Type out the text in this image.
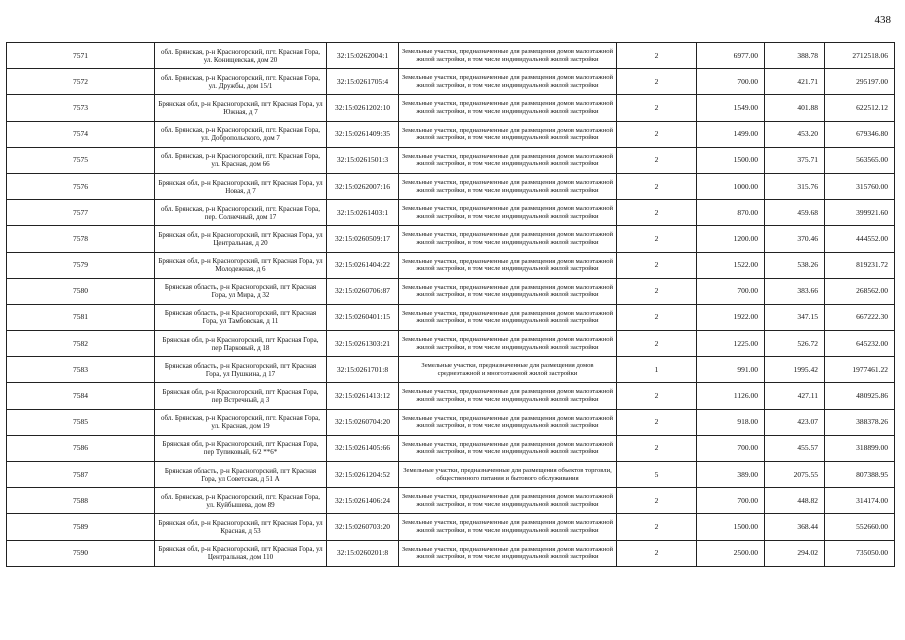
438
7571	обл. Брянская, р-н Красногорский, пгт. Красная Гора, ул. Конищевская, дом 20	32:15:0262004:1	Земельные участки, предназначенные для размещения домов малоэтажной жилой застройки, в том числе индивидуальной жилой застройки	2	6977.00	388.78	2712518.06
7572	обл. Брянская, р-н Красногорский, пгт. Красная Гора, ул. Дружбы, дом 15/1	32:15:0261705:4	Земельные участки, предназначенные для размещения домов малоэтажной жилой застройки, в том числе индивидуальной жилой застройки	2	700.00	421.71	295197.00
7573	Брянская обл, р-н Красногорский, пгт Красная Гора, ул Южная, д 7	32:15:0261202:10	Земельные участки, предназначенные для размещения домов малоэтажной жилой застройки, в том числе индивидуальной жилой застройки	2	1549.00	401.88	622512.12
7574	обл. Брянская, р-н Красногорский, пгт. Красная Гора, ул. Добропольского, дом 7	32:15:0261409:35	Земельные участки, предназначенные для размещения домов малоэтажной жилой застройки, в том числе индивидуальной жилой застройки	2	1499.00	453.20	679346.80
7575	обл. Брянская, р-н Красногорский, пгт. Красная Гора, ул. Красная, дом 66	32:15:0261501:3	Земельные участки, предназначенные для размещения домов малоэтажной жилой застройки, в том числе индивидуальной жилой застройки	2	1500.00	375.71	563565.00
7576	Брянская обл, р-н Красногорский, пгт Красная Гора, ул Новая, д 7	32:15:0262007:16	Земельные участки, предназначенные для размещения домов малоэтажной жилой застройки, в том числе индивидуальной жилой застройки	2	1000.00	315.76	315760.00
7577	обл. Брянская, р-н Красногорский, пгт. Красная Гора, пер. Солнечный, дом 17	32:15:0261403:1	Земельные участки, предназначенные для размещения домов малоэтажной жилой застройки, в том числе индивидуальной жилой застройки	2	870.00	459.68	399921.60
7578	Брянская обл, р-н Красногорский, пгт Красная Гора, ул Центральная, д 20	32:15:0260509:17	Земельные участки, предназначенные для размещения домов малоэтажной жилой застройки, в том числе индивидуальной жилой застройки	2	1200.00	370.46	444552.00
7579	Брянская обл, р-н Красногорский, пгт Красная Гора, ул Молодежная, д 6	32:15:0261404:22	Земельные участки, предназначенные для размещения домов малоэтажной жилой застройки, в том числе индивидуальной жилой застройки	2	1522.00	538.26	819231.72
7580	Брянская область, р-н Красногорский, пгт Красная Гора, ул Мира, д 32	32:15:0260706:87	Земельные участки, предназначенные для размещения домов малоэтажной жилой застройки, в том числе индивидуальной жилой застройки	2	700.00	383.66	268562.00
7581	Брянская область, р-н Красногорский, пгт Красная Гора, ул Тамбовская, д 11	32:15:0260401:15	Земельные участки, предназначенные для размещения домов малоэтажной жилой застройки, в том числе индивидуальной жилой застройки	2	1922.00	347.15	667222.30
7582	Брянская обл, р-н Красногорский, пгт Красная Гора, пер Парковый, д 18	32:15:0261303:21	Земельные участки, предназначенные для размещения домов малоэтажной жилой застройки, в том числе индивидуальной жилой застройки	2	1225.00	526.72	645232.00
7583	Брянская область, р-н Красногорский, пгт Красная Гора, ул Пушкина, д 17	32:15:0261701:8	Земельные участки, предназначенные для размещения домов среднеэтажной и многоэтажной жилой застройки	1	991.00	1995.42	1977461.22
7584	Брянская обл, р-н Красногорский, пгт Красная Гора, пер Встречный, д 3	32:15:0261413:12	Земельные участки, предназначенные для размещения домов малоэтажной жилой застройки, в том числе индивидуальной жилой застройки	2	1126.00	427.11	480925.86
7585	обл. Брянская, р-н Красногорский, пгт. Красная Гора, ул. Красная, дом 19	32:15:0260704:20	Земельные участки, предназначенные для размещения домов малоэтажной жилой застройки, в том числе индивидуальной жилой застройки	2	918.00	423.07	388378.26
7586	Брянская обл, р-н Красногорский, пгт Красная Гора, пер Тупиковый, 6/2 **6*	32:15:0261405:66	Земельные участки, предназначенные для размещения домов малоэтажной жилой застройки, в том числе индивидуальной жилой застройки	2	700.00	455.57	318899.00
7587	Брянская область, р-н Красногорский, пгт Красная Гора, ул Советская, д 51 А	32:15:0261204:52	Земельные участки, предназначенные для размещения объектов торговли, общественного питания и бытового обслуживания	5	389.00	2075.55	807388.95
7588	обл. Брянская, р-н Красногорский, пгт. Красная Гора, ул. Куйбышева, дом 89	32:15:0261406:24	Земельные участки, предназначенные для размещения домов малоэтажной жилой застройки, в том числе индивидуальной жилой застройки	2	700.00	448.82	314174.00
7589	Брянская обл, р-н Красногорский, пгт Красная Гора, ул Красная, д 53	32:15:0260703:20	Земельные участки, предназначенные для размещения домов малоэтажной жилой застройки, в том числе индивидуальной жилой застройки	2	1500.00	368.44	552660.00
7590	Брянская обл, р-н Красногорский, пгт Красная Гора, ул Центральная, дом 110	32:15:0260201:8	Земельные участки, предназначенные для размещения домов малоэтажной жилой застройки, в том числе индивидуальной жилой застройки	2	2500.00	294.02	735050.00
